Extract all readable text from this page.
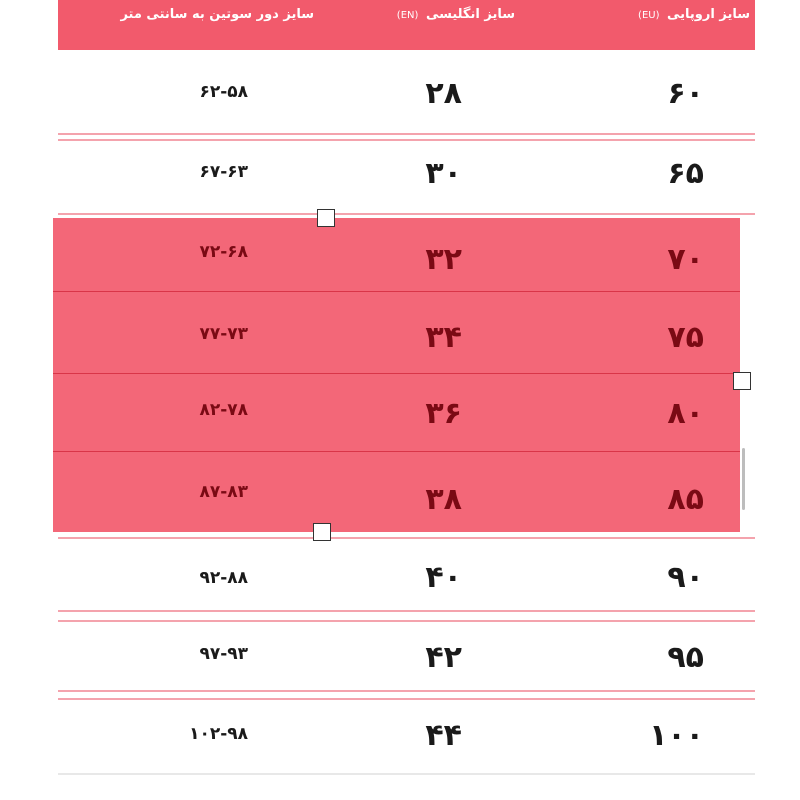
سایز اروپایی (EU)
سایز انگلیسی (EN)
سایز دور سوتین به سانتی متر
۶۰
۲۸
۶۲-۵۸
۶۵
۳۰
۶۷-۶۳
۷۰
۳۲
۷۲-۶۸
۷۵
۳۴
۷۷-۷۳
۸۰
۳۶
۸۲-۷۸
۸۵
۳۸
۸۷-۸۳
۹۰
۴۰
۹۲-۸۸
۹۵
۴۲
۹۷-۹۳
۱۰۰
۴۴
۱۰۲-۹۸
